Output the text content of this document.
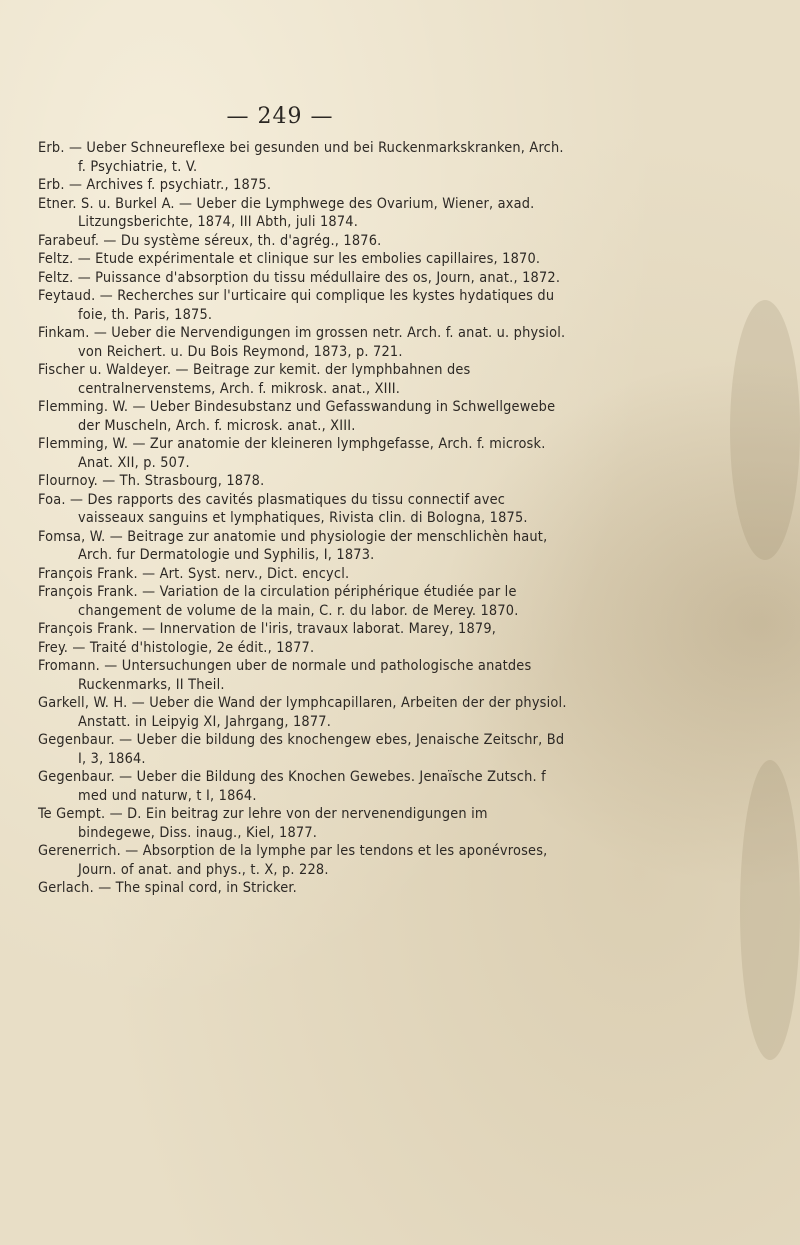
— 249 —
Erb. — Ueber Schneureflexe bei gesunden und bei Ruckenmarkskranken, Arch. f. Psychiatrie, t. V.
Erb. — Archives f. psychiatr., 1875.
Etner. S. u. Burkel A. — Ueber die Lymphwege des Ovarium, Wiener, axad. Litzungsberichte, 1874, III Abth, juli 1874.
Farabeuf. — Du système séreux, th. d'agrég., 1876.
Feltz. — Etude expérimentale et clinique sur les embolies capillaires, 1870.
Feltz. — Puissance d'absorption du tissu médullaire des os, Journ, anat., 1872.
Feytaud. — Recherches sur l'urticaire qui complique les kystes hydatiques du foie, th. Paris, 1875.
Finkam. — Ueber die Nervendigungen im grossen netr. Arch. f. anat. u. physiol. von Reichert. u. Du Bois Reymond, 1873, p. 721.
Fischer u. Waldeyer. — Beitrage zur kemit. der lymphbahnen des centralnervenstems, Arch. f. mikrosk. anat., XIII.
Flemming. W. — Ueber Bindesubstanz und Gefasswandung in Schwellgewebe der Muscheln, Arch. f. microsk. anat., XIII.
Flemming, W. — Zur anatomie der kleineren lymphgefasse, Arch. f. microsk. Anat. XII, p. 507.
Flournoy. — Th. Strasbourg, 1878.
Foa. — Des rapports des cavités plasmatiques du tissu connectif avec vaisseaux sanguins et lymphatiques, Rivista clin. di Bologna, 1875.
Fomsa, W. — Beitrage zur anatomie und physiologie der menschlichèn haut, Arch. fur Dermatologie und Syphilis, I, 1873.
François Frank. — Art. Syst. nerv., Dict. encycl.
François Frank. — Variation de la circulation périphérique étudiée par le changement de volume de la main, C. r. du labor. de Merey. 1870.
François Frank. — Innervation de l'iris, travaux laborat. Marey, 1879,
Frey. — Traité d'histologie, 2e édit., 1877.
Fromann. — Untersuchungen uber de normale und pathologische anatdes Ruckenmarks, II Theil.
Garkell, W. H. — Ueber die Wand der lymphcapillaren, Arbeiten der der physiol. Anstatt. in Leipyig XI, Jahrgang, 1877.
Gegenbaur. — Ueber die bildung des knochengew ebes, Jenaische Zeitschr, Bd I, 3, 1864.
Gegenbaur. — Ueber die Bildung des Knochen Gewebes. Jenaïsche Zutsch. f med und naturw, t I, 1864.
Te Gempt. — D. Ein beitrag zur lehre von der nervenendigungen im bindegewe, Diss. inaug., Kiel, 1877.
Gerenerrich. — Absorption de la lymphe par les tendons et les aponévroses, Journ. of anat. and phys., t. X, p. 228.
Gerlach. — The spinal cord, in Stricker.
